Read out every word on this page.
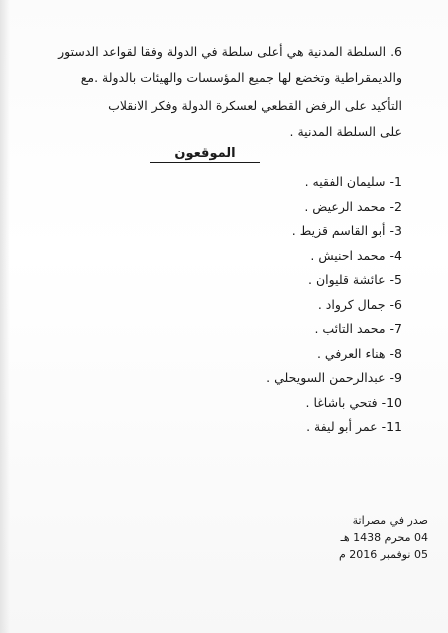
6. السلطة المدنية هي أعلى سلطة في الدولة وفقا لقواعد الدستور
والديمقراطية وتخضع لها جميع المؤسسات والهيئات بالدولة .مع
التأكيد على الرفض القطعي لعسكرة الدولة وفكر الانقلاب
على السلطة المدنية .
الموقعون
1-سليمان الفقيه .
2-محمد الرعيض .
3-أبو القاسم قزيط .
4-محمد احنيش .
5-عائشة قليوان .
6-جمال كرواد .
7-محمد التائب .
8-هناء العرفي .
9-عبدالرحمن السويحلي .
10-فتحي باشاغا .
11-عمر أبو ليفة .
صدر في مصراتة
04 محرم 1438 هـ
05 نوفمبر 2016 م
